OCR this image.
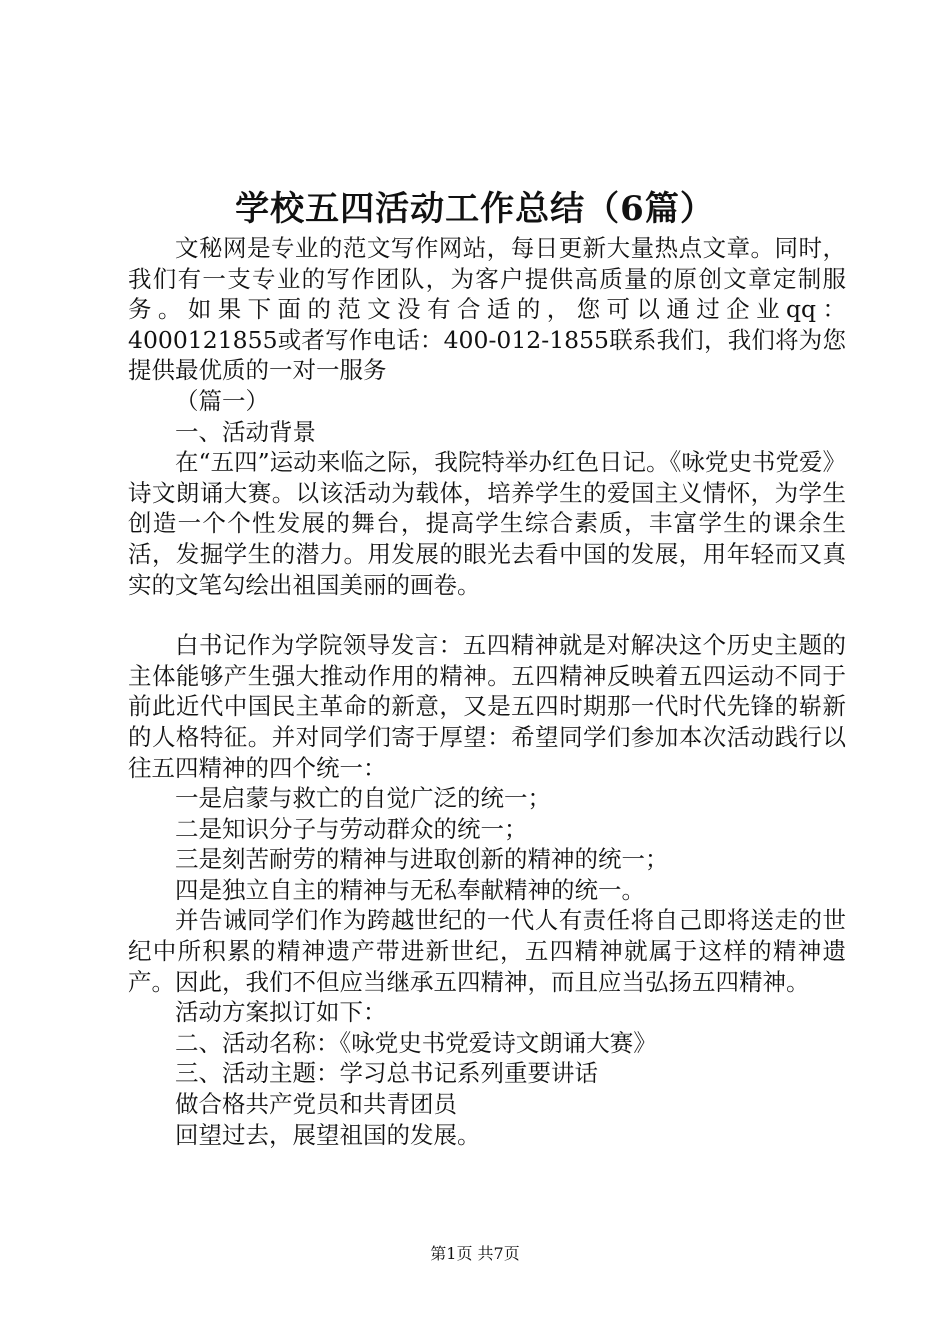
学校五四活动工作总结（6篇）

文秘网是专业的范文写作网站，每日更新大量热点文章。同时，我们有一支专业的写作团队，为客户提供高质量的原创文章定制服务。如果下面的范文没有合适的，您可以通过企业qq：4000121855或者写作电话：400-012-1855联系我们，我们将为您提供最优质的一对一服务

（篇一）

一、活动背景

在“五四”运动来临之际，我院特举办红色日记。《咏党史书党爱》诗文朗诵大赛。以该活动为载体，培养学生的爱国主义情怀，为学生创造一个个性发展的舞台，提高学生综合素质，丰富学生的课余生活，发掘学生的潜力。用发展的眼光去看中国的发展，用年轻而又真实的文笔勾绘出祖国美丽的画卷。

白书记作为学院领导发言：五四精神就是对解决这个历史主题的主体能够产生强大推动作用的精神。五四精神反映着五四运动不同于前此近代中国民主革命的新意，又是五四时期那一代时代先锋的崭新的人格特征。并对同学们寄于厚望：希望同学们参加本次活动践行以往五四精神的四个统一：

一是启蒙与救亡的自觉广泛的统一；

二是知识分子与劳动群众的统一；

三是刻苦耐劳的精神与进取创新的精神的统一；

四是独立自主的精神与无私奉献精神的统一。

并告诫同学们作为跨越世纪的一代人有责任将自己即将送走的世纪中所积累的精神遗产带进新世纪，五四精神就属于这样的精神遗产。因此，我们不但应当继承五四精神，而且应当弘扬五四精神。

活动方案拟订如下：

二、活动名称：《咏党史书党爱诗文朗诵大赛》

三、活动主题：学习总书记系列重要讲话

做合格共产党员和共青团员

回望过去，展望祖国的发展。

第1页 共7页
